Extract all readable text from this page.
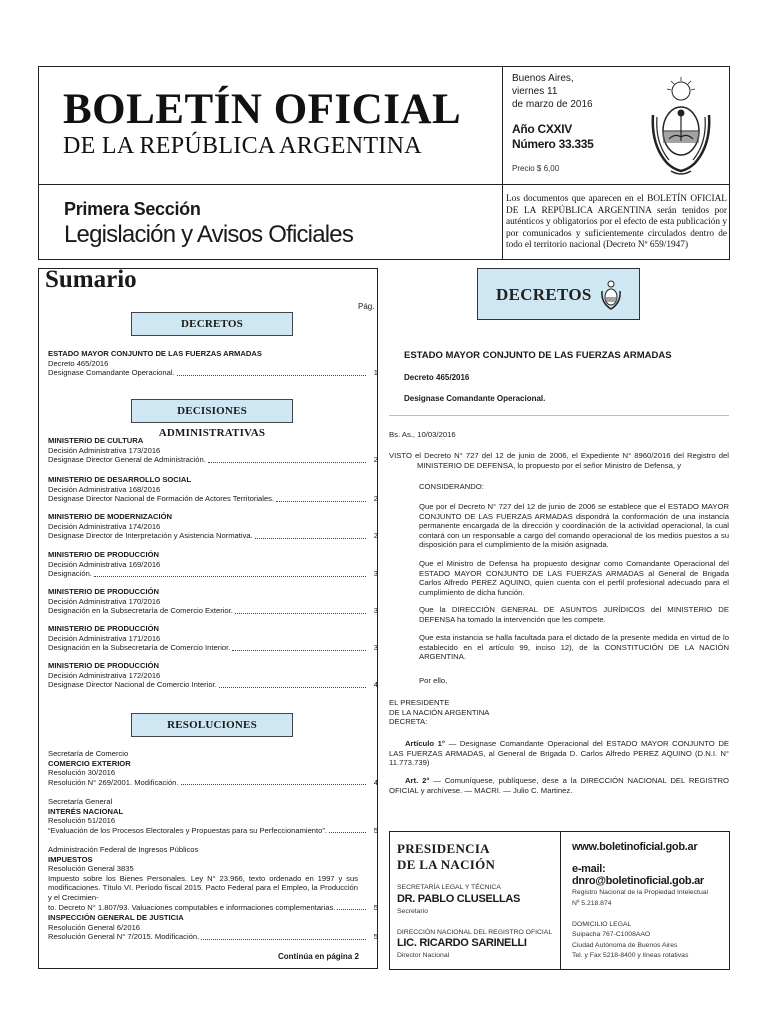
BOLETÍN OFICIAL
DE LA REPÚBLICA ARGENTINA
Buenos Aires,
viernes 11
de marzo de 2016
Año CXXIV
Número 33.335
Precio $ 6,00
Primera Sección
Legislación y Avisos Oficiales
Los documentos que aparecen en el BOLETÍN OFICIAL DE LA REPÚBLICA ARGENTINA serán tenidos por auténticos y obligatorios por el efecto de esta publicación y por comunicados y suficientemente circulados dentro de todo el territorio nacional (Decreto Nº 659/1947)
Sumario
Pág.
DECRETOS
ESTADO MAYOR CONJUNTO DE LAS FUERZAS ARMADAS
Decreto 465/2016
Designase Comandante Operacional.	1
DECISIONES ADMINISTRATIVAS
MINISTERIO DE CULTURA
Decisión Administrativa 173/2016
Designase Director General de Administración.	2
MINISTERIO DE DESARROLLO SOCIAL
Decisión Administrativa 168/2016
Designase Director Nacional de Formación de Actores Territoriales.	2
MINISTERIO DE MODERNIZACIÓN
Decisión Administrativa 174/2016
Designase Director de Interpretación y Asistencia Normativa.	2
MINISTERIO DE PRODUCCIÓN
Decisión Administrativa 169/2016
Designación.	3
MINISTERIO DE PRODUCCIÓN
Decisión Administrativa 170/2016
Designación en la Subsecretaría de Comercio Exterior.	3
MINISTERIO DE PRODUCCIÓN
Decisión Administrativa 171/2016
Designación en la Subsecretaría de Comercio Interior.	3
MINISTERIO DE PRODUCCIÓN
Decisión Administrativa 172/2016
Designase Director Nacional de Comercio Interior.	4
RESOLUCIONES
Secretaría de Comercio
COMERCIO EXTERIOR
Resolución 30/2016
Resolución N° 269/2001. Modificación.	4
Secretaría General
INTERÉS NACIONAL
Resolución 51/2016
“Evaluación de los Procesos Electorales y Propuestas para su Perfeccionamiento”.	5
Administración Federal de Ingresos Públicos
IMPUESTOS
Resolución General 3835
Impuesto sobre los Bienes Personales. Ley N° 23.966, texto ordenado en 1997 y sus modificaciones. Título VI. Período fiscal 2015. Pacto Federal para el Empleo, la Producción y el Crecimien-
to. Decreto N° 1.807/93. Valuaciones computables e informaciones complementarias.	5
INSPECCIÓN GENERAL DE JUSTICIA
Resolución General 6/2016
Resolución General N° 7/2015. Modificación.	5
Continúa en página 2
DECRETOS
ESTADO MAYOR CONJUNTO DE LAS FUERZAS ARMADAS
Decreto 465/2016
Designase Comandante Operacional.
Bs. As., 10/03/2016
VISTO el Decreto N° 727 del 12 de junio de 2006, el Expediente N° 8960/2016 del Registro del MINISTERIO DE DEFENSA, lo propuesto por el señor Ministro de Defensa, y
CONSIDERANDO:
Que por el Decreto N° 727 del 12 de junio de 2006 se establece que el ESTADO MAYOR CONJUNTO DE LAS FUERZAS ARMADAS dispondrá la conformación de una instancia permanente encargada de la dirección y coordinación de la actividad operacional, la cual contará con un responsable a cargo del comando operacional de los medios puestos a su disposición para el cumplimiento de la misión asignada.
Que el Ministro de Defensa ha propuesto designar como Comandante Operacional del ESTADO MAYOR CONJUNTO DE LAS FUERZAS ARMADAS al General de Brigada Carlos Alfredo PEREZ AQUINO, quien cuenta con el perfil profesional adecuado para el cumplimiento de dicha función.
Que la DIRECCIÓN GENERAL DE ASUNTOS JURÍDICOS del MINISTERIO DE DEFENSA ha tomado la intervención que les compete.
Que esta instancia se halla facultada para el dictado de la presente medida en virtud de lo establecido en el artículo 99, inciso 12), de la CONSTITUCIÓN DE LA NACIÓN ARGENTINA.
Por ello,
EL PRESIDENTE
DE LA NACIÓN ARGENTINA
DECRETA:
Artículo 1° — Designase Comandante Operacional del ESTADO MAYOR CONJUNTO DE LAS FUERZAS ARMADAS, al General de Brigada D. Carlos Alfredo PEREZ AQUINO (D.N.I. N° 11.773.739)
Art. 2° — Comuníquese, publíquese, dese a la DIRECCIÓN NACIONAL DEL REGISTRO OFICIAL y archívese. — MACRI. — Julio C. Martinez.
PRESIDENCIA
DE LA NACIÓN
SECRETARÍA LEGAL Y TÉCNICA
DR. PABLO CLUSELLAS
Secretario
DIRECCIÓN NACIONAL DEL REGISTRO OFICIAL
LIC. RICARDO SARINELLI
Director Nacional
www.boletinoficial.gob.ar
e-mail: dnro@boletinoficial.gob.ar
Registro Nacional de la Propiedad Intelectual
Nº 5.218.874
DOMICILIO LEGAL
Suipacha 767-C1008AAO
Ciudad Autónoma de Buenos Aires
Tel. y Fax 5218-8400 y líneas rotativas
